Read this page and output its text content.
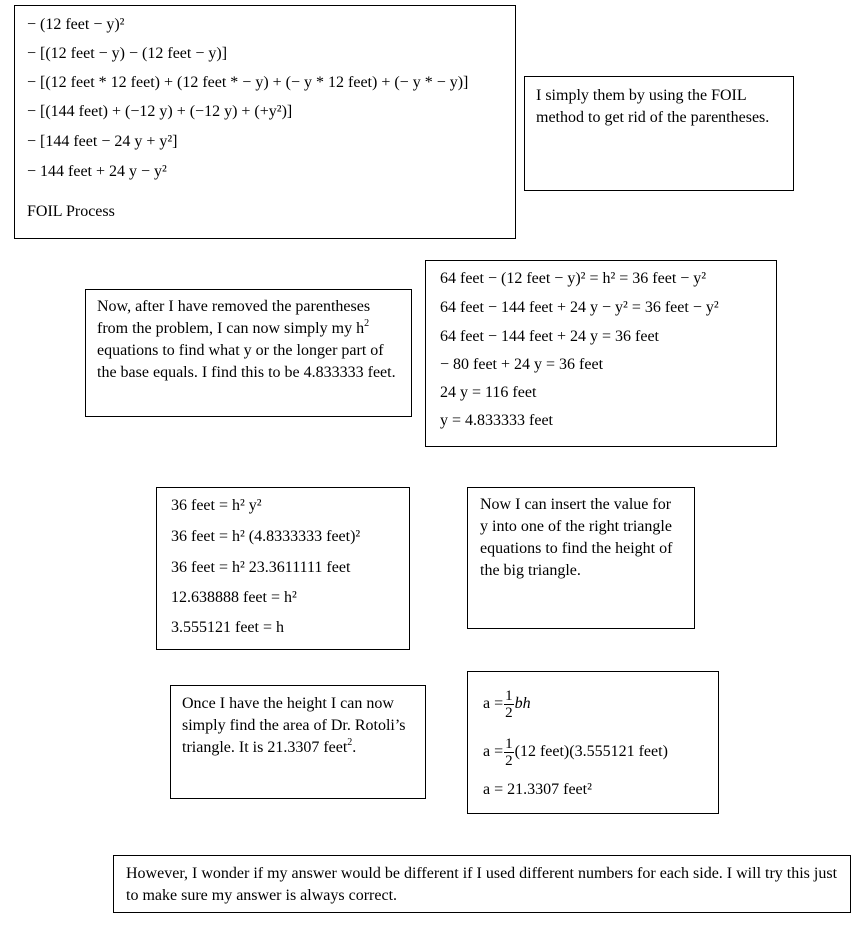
− (12 feet − y)²
− [(12 feet − y) − (12 feet − y)]
− [(12 feet * 12 feet) + (12 feet * − y) + (− y * 12 feet) + (− y * − y)]
− [(144 feet) + (−12 y) + (−12 y) + (+y²)]
− [144 feet − 24 y + y²]
− 144 feet + 24 y − y²
FOIL Process
I simply them by using the FOIL method to get rid of the parentheses.
Now, after I have removed the parentheses from the problem, I can now simply my $h^2$ equations to find what y or the longer part of the base equals. I find this to be 4.833333 feet.
64 feet − (12 feet − y)² = h² = 36 feet − y²
64 feet − 144 feet + 24 y − y² = 36 feet − y²
64 feet − 144 feet + 24 y = 36 feet
− 80 feet + 24 y = 36 feet
24 y = 116 feet
y = 4.833333 feet
36 feet = h² y²
36 feet = h² (4.8333333 feet)²
36 feet = h² 23.3611111 feet
12.638888 feet = h²
3.555121 feet = h
Now I can insert the value for y into one of the right triangle equations to find the height of the big triangle.
Once I have the height I can now simply find the area of Dr. Rotoli’s triangle. It is 21.3307 feet$^2$.
$a = \frac{1}{2}$ bh
$a = \frac{1}{2} (12$ feet)(3.555121 feet)
a = 21.3307 feet²
However, I wonder if my answer would be different if I used different numbers for each side. I will try this just to make sure my answer is always correct.
